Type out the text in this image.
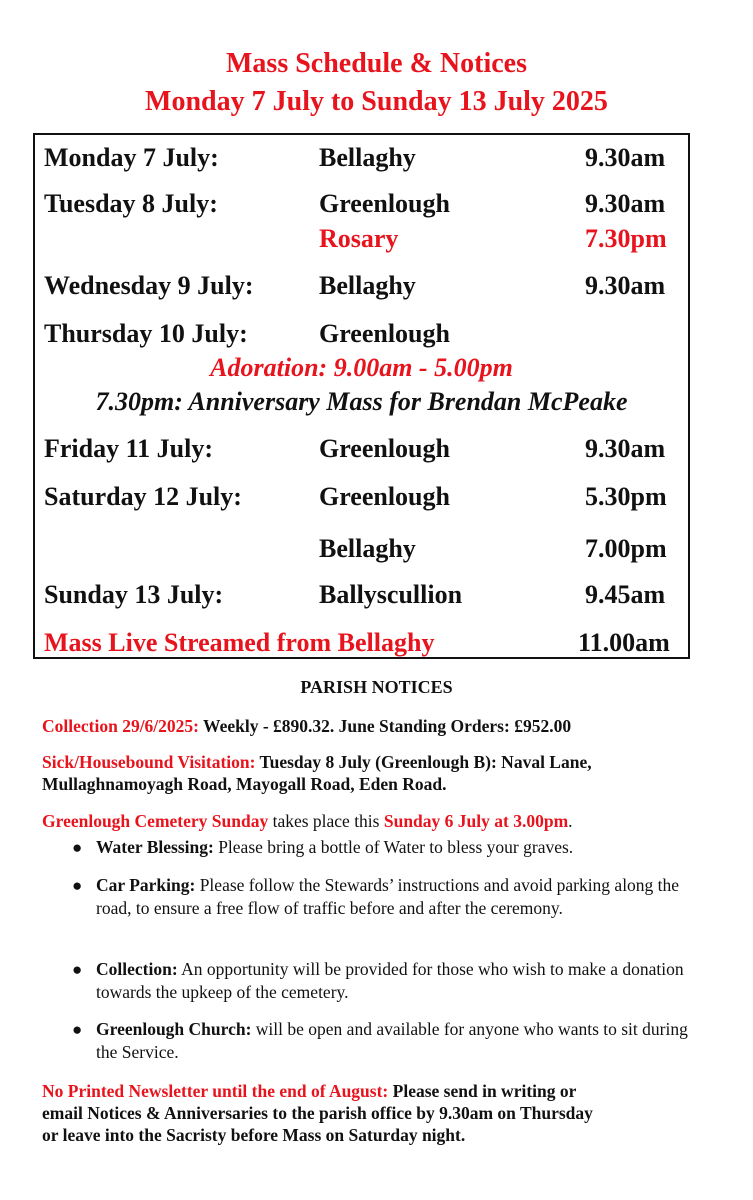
Mass Schedule & Notices
Monday 7 July to Sunday 13 July 2025
Monday 7 July:	Bellaghy	9.30am
Tuesday 8 July:	Greenlough	9.30am
Rosary	7.30pm
Wednesday 9 July:	Bellaghy	9.30am
Thursday 10 July:	Greenlough
Adoration: 9.00am - 5.00pm
7.30pm: Anniversary Mass for Brendan McPeake
Friday 11 July:	Greenlough	9.30am
Saturday 12 July:	Greenlough	5.30pm
Bellaghy	7.00pm
Sunday 13 July:	Ballyscullion	9.45am
Mass Live Streamed from Bellaghy	11.00am
PARISH NOTICES

Collection 29/6/2025: Weekly - £890.32. June Standing Orders: £952.00

Sick/Housebound Visitation: Tuesday 8 July (Greenlough B): Naval Lane,
Mullaghnamoyagh Road, Mayogall Road, Eden Road.

Greenlough Cemetery Sunday takes place this Sunday 6 July at 3.00pm.

● Water Blessing: Please bring a bottle of Water to bless your graves.
● Car Parking: Please follow the Stewards’ instructions and avoid parking along the road, to ensure a free flow of traffic before and after the ceremony.
● Collection: An opportunity will be provided for those who wish to make a donation towards the upkeep of the cemetery.
● Greenlough Church: will be open and available for anyone who wants to sit during the Service.

No Printed Newsletter until the end of August: Please send in writing or
email Notices & Anniversaries to the parish office by 9.30am on Thursday
or leave into the Sacristy before Mass on Saturday night.
